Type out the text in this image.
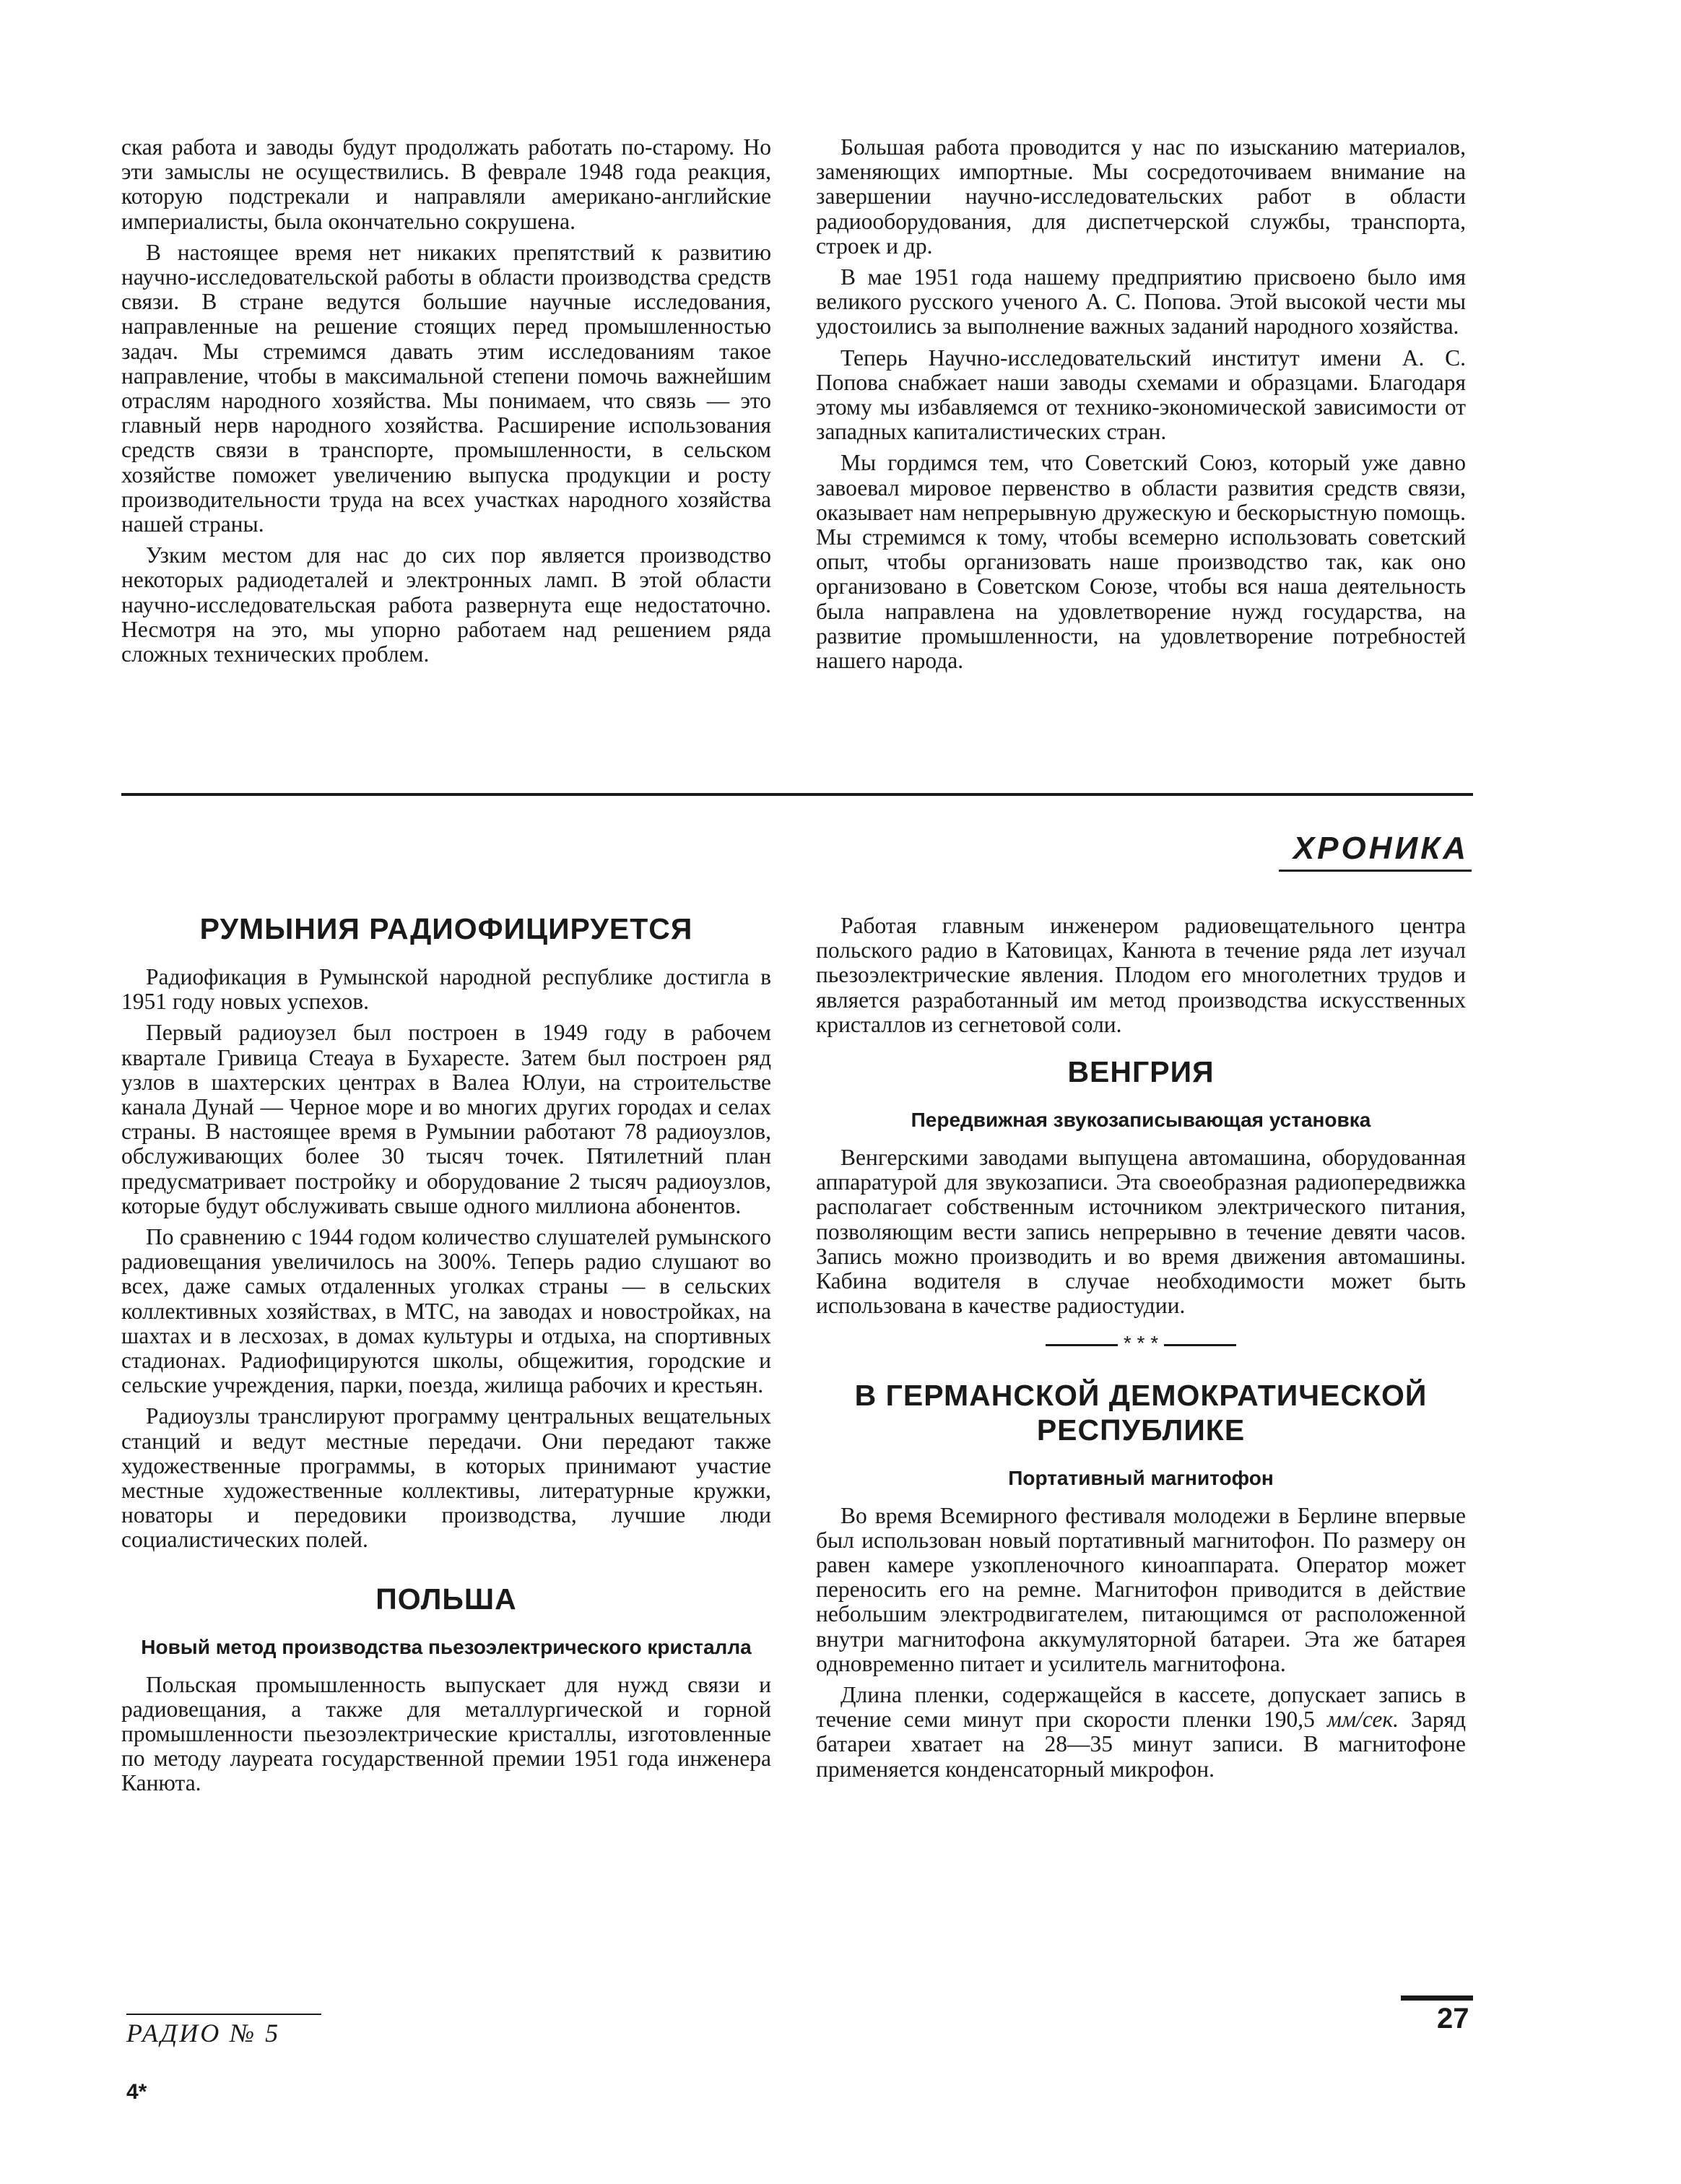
ская работа и заводы будут продолжать работать по-старому. Но эти замыслы не осуществились. В феврале 1948 года реакция, которую подстрекали и направляли американо-английские империалисты, была окончательно сокрушена.

В настоящее время нет никаких препятствий к развитию научно-исследовательской работы в области производства средств связи. В стране ведутся большие научные исследования, направленные на решение стоящих перед промышленностью задач. Мы стремимся давать этим исследованиям такое направление, чтобы в максимальной степени помочь важнейшим отраслям народного хозяйства. Мы понимаем, что связь — это главный нерв народного хозяйства. Расширение использования средств связи в транспорте, промышленности, в сельском хозяйстве поможет увеличению выпуска продукции и росту производительности труда на всех участках народного хозяйства нашей страны.

Узким местом для нас до сих пор является производство некоторых радиодеталей и электронных ламп. В этой области научно-исследовательская работа развернута еще недостаточно. Несмотря на это, мы упорно работаем над решением ряда сложных технических проблем.

Большая работа проводится у нас по изысканию материалов, заменяющих импортные. Мы сосредоточиваем внимание на завершении научно-исследовательских работ в области радиооборудования, для диспетчерской службы, транспорта, строек и др.

В мае 1951 года нашему предприятию присвоено было имя великого русского ученого А. С. Попова. Этой высокой чести мы удостоились за выполнение важных заданий народного хозяйства.

Теперь Научно-исследовательский институт имени А. С. Попова снабжает наши заводы схемами и образцами. Благодаря этому мы избавляемся от технико-экономической зависимости от западных капиталистических стран.

Мы гордимся тем, что Советский Союз, который уже давно завоевал мировое первенство в области развития средств связи, оказывает нам непрерывную дружескую и бескорыстную помощь. Мы стремимся к тому, чтобы всемерно использовать советский опыт, чтобы организовать наше производство так, как оно организовано в Советском Союзе, чтобы вся наша деятельность была направлена на удовлетворение нужд государства, на развитие промышленности, на удовлетворение потребностей нашего народа.

ХРОНИКА
РУМЫНИЯ РАДИОФИЦИРУЕТСЯ

Радиофикация в Румынской народной республике достигла в 1951 году новых успехов.

Первый радиоузел был построен в 1949 году в рабочем квартале Гривица Стеауа в Бухаресте. Затем был построен ряд узлов в шахтерских центрах в Валеа Юлуи, на строительстве канала Дунай — Черное море и во многих других городах и селах страны. В настоящее время в Румынии работают 78 радиоузлов, обслуживающих более 30 тысяч точек. Пятилетний план предусматривает постройку и оборудование 2 тысяч радиоузлов, которые будут обслуживать свыше одного миллиона абонентов.

По сравнению с 1944 годом количество слушателей румынского радиовещания увеличилось на 300%. Теперь радио слушают во всех, даже самых отдаленных уголках страны — в сельских коллективных хозяйствах, в МТС, на заводах и новостройках, на шахтах и в лесхозах, в домах культуры и отдыха, на спортивных стадионах. Радиофицируются школы, общежития, городские и сельские учреждения, парки, поезда, жилища рабочих и крестьян.

Радиоузлы транслируют программу центральных вещательных станций и ведут местные передачи. Они передают также художественные программы, в которых принимают участие местные художественные коллективы, литературные кружки, новаторы и передовики производства, лучшие люди социалистических полей.

ПОЛЬША
Новый метод производства пьезоэлектрического кристалла

Польская промышленность выпускает для нужд связи и радиовещания, а также для металлургической и горной промышленности пьезоэлектрические кристаллы, изготовленные по методу лауреата государственной премии 1951 года инженера Канюта.

Работая главным инженером радиовещательного центра польского радио в Катовицах, Канюта в течение ряда лет изучал пьезоэлектрические явления. Плодом его многолетних трудов и является разработанный им метод производства искусственных кристаллов из сегнетовой соли.

ВЕНГРИЯ
Передвижная звукозаписывающая установка

Венгерскими заводами выпущена автомашина, оборудованная аппаратурой для звукозаписи. Эта своеобразная радиопередвижка располагает собственным источником электрического питания, позволяющим вести запись непрерывно в течение девяти часов. Запись можно производить и во время движения автомашины. Кабина водителя в случае необходимости может быть использована в качестве радиостудии.

* * *
В ГЕРМАНСКОЙ ДЕМОКРАТИЧЕСКОЙ РЕСПУБЛИКЕ
Портативный магнитофон

Во время Всемирного фестиваля молодежи в Берлине впервые был использован новый портативный магнитофон. По размеру он равен камере узкопленочного киноаппарата. Оператор может переносить его на ремне. Магнитофон приводится в действие небольшим электродвигателем, питающимся от расположенной внутри магнитофона аккумуляторной батареи. Эта же батарея одновременно питает и усилитель магнитофона.

Длина пленки, содержащейся в кассете, допускает запись в течение семи минут при скорости пленки 190,5 мм/сек. Заряд батареи хватает на 28—35 минут записи. В магнитофоне применяется конденсаторный микрофон.

РАДИО № 5
4*
27
